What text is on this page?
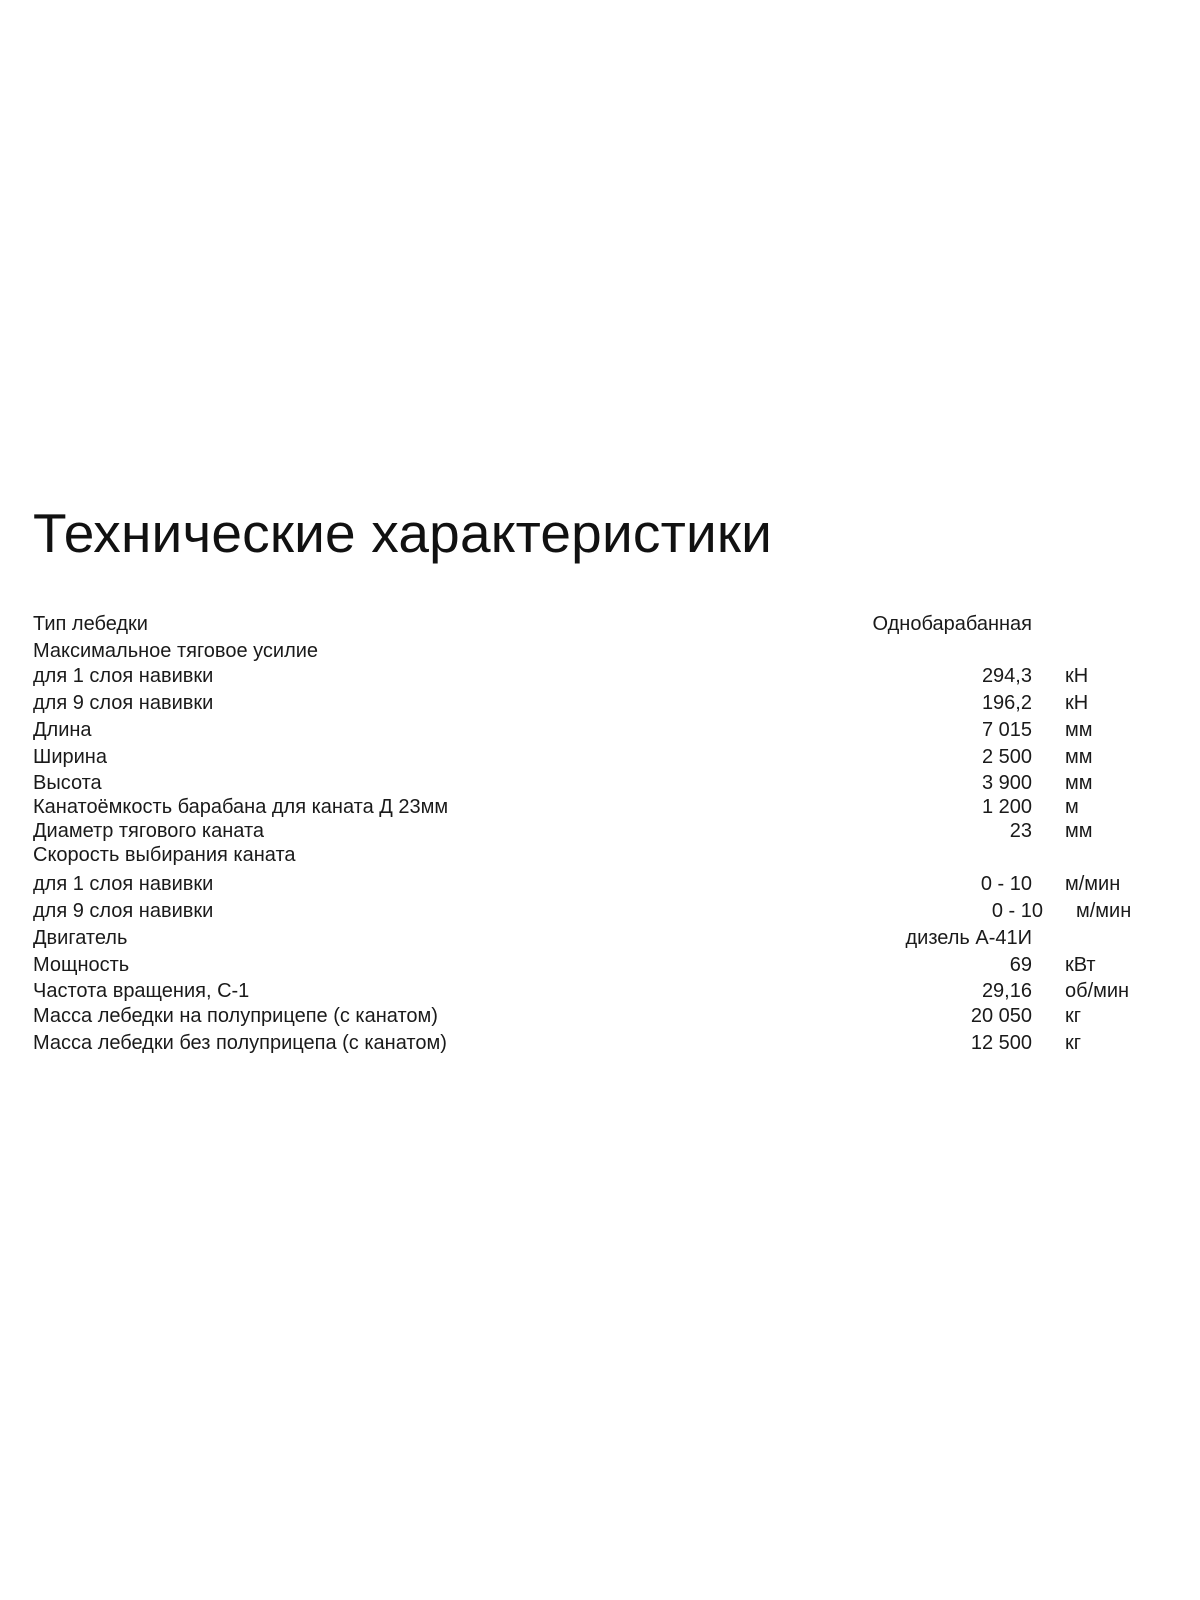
Технические характеристики
Тип лебедки	Однобарабанная
Максимальное тяговое усилие
для 1 слоя навивки	294,3 кН
для 9 слоя навивки	196,2 кН
Длина	7 015 мм
Ширина	2 500 мм
Высота	3 900 мм
Канатоёмкость барабана для каната Д 23мм	1 200 м
Диаметр тягового каната	23 мм
Скорость выбирания каната
для 1 слоя навивки	0 - 10 м/мин
для 9 слоя навивки	0 - 10 м/мин
Двигатель	дизель А-41И
Мощность	69 кВт
Частота вращения, С-1	29,16 об/мин
Масса лебедки на полуприцепе (с канатом)	20 050 кг
Масса лебедки без полуприцепа (с канатом)	12 500 кг
